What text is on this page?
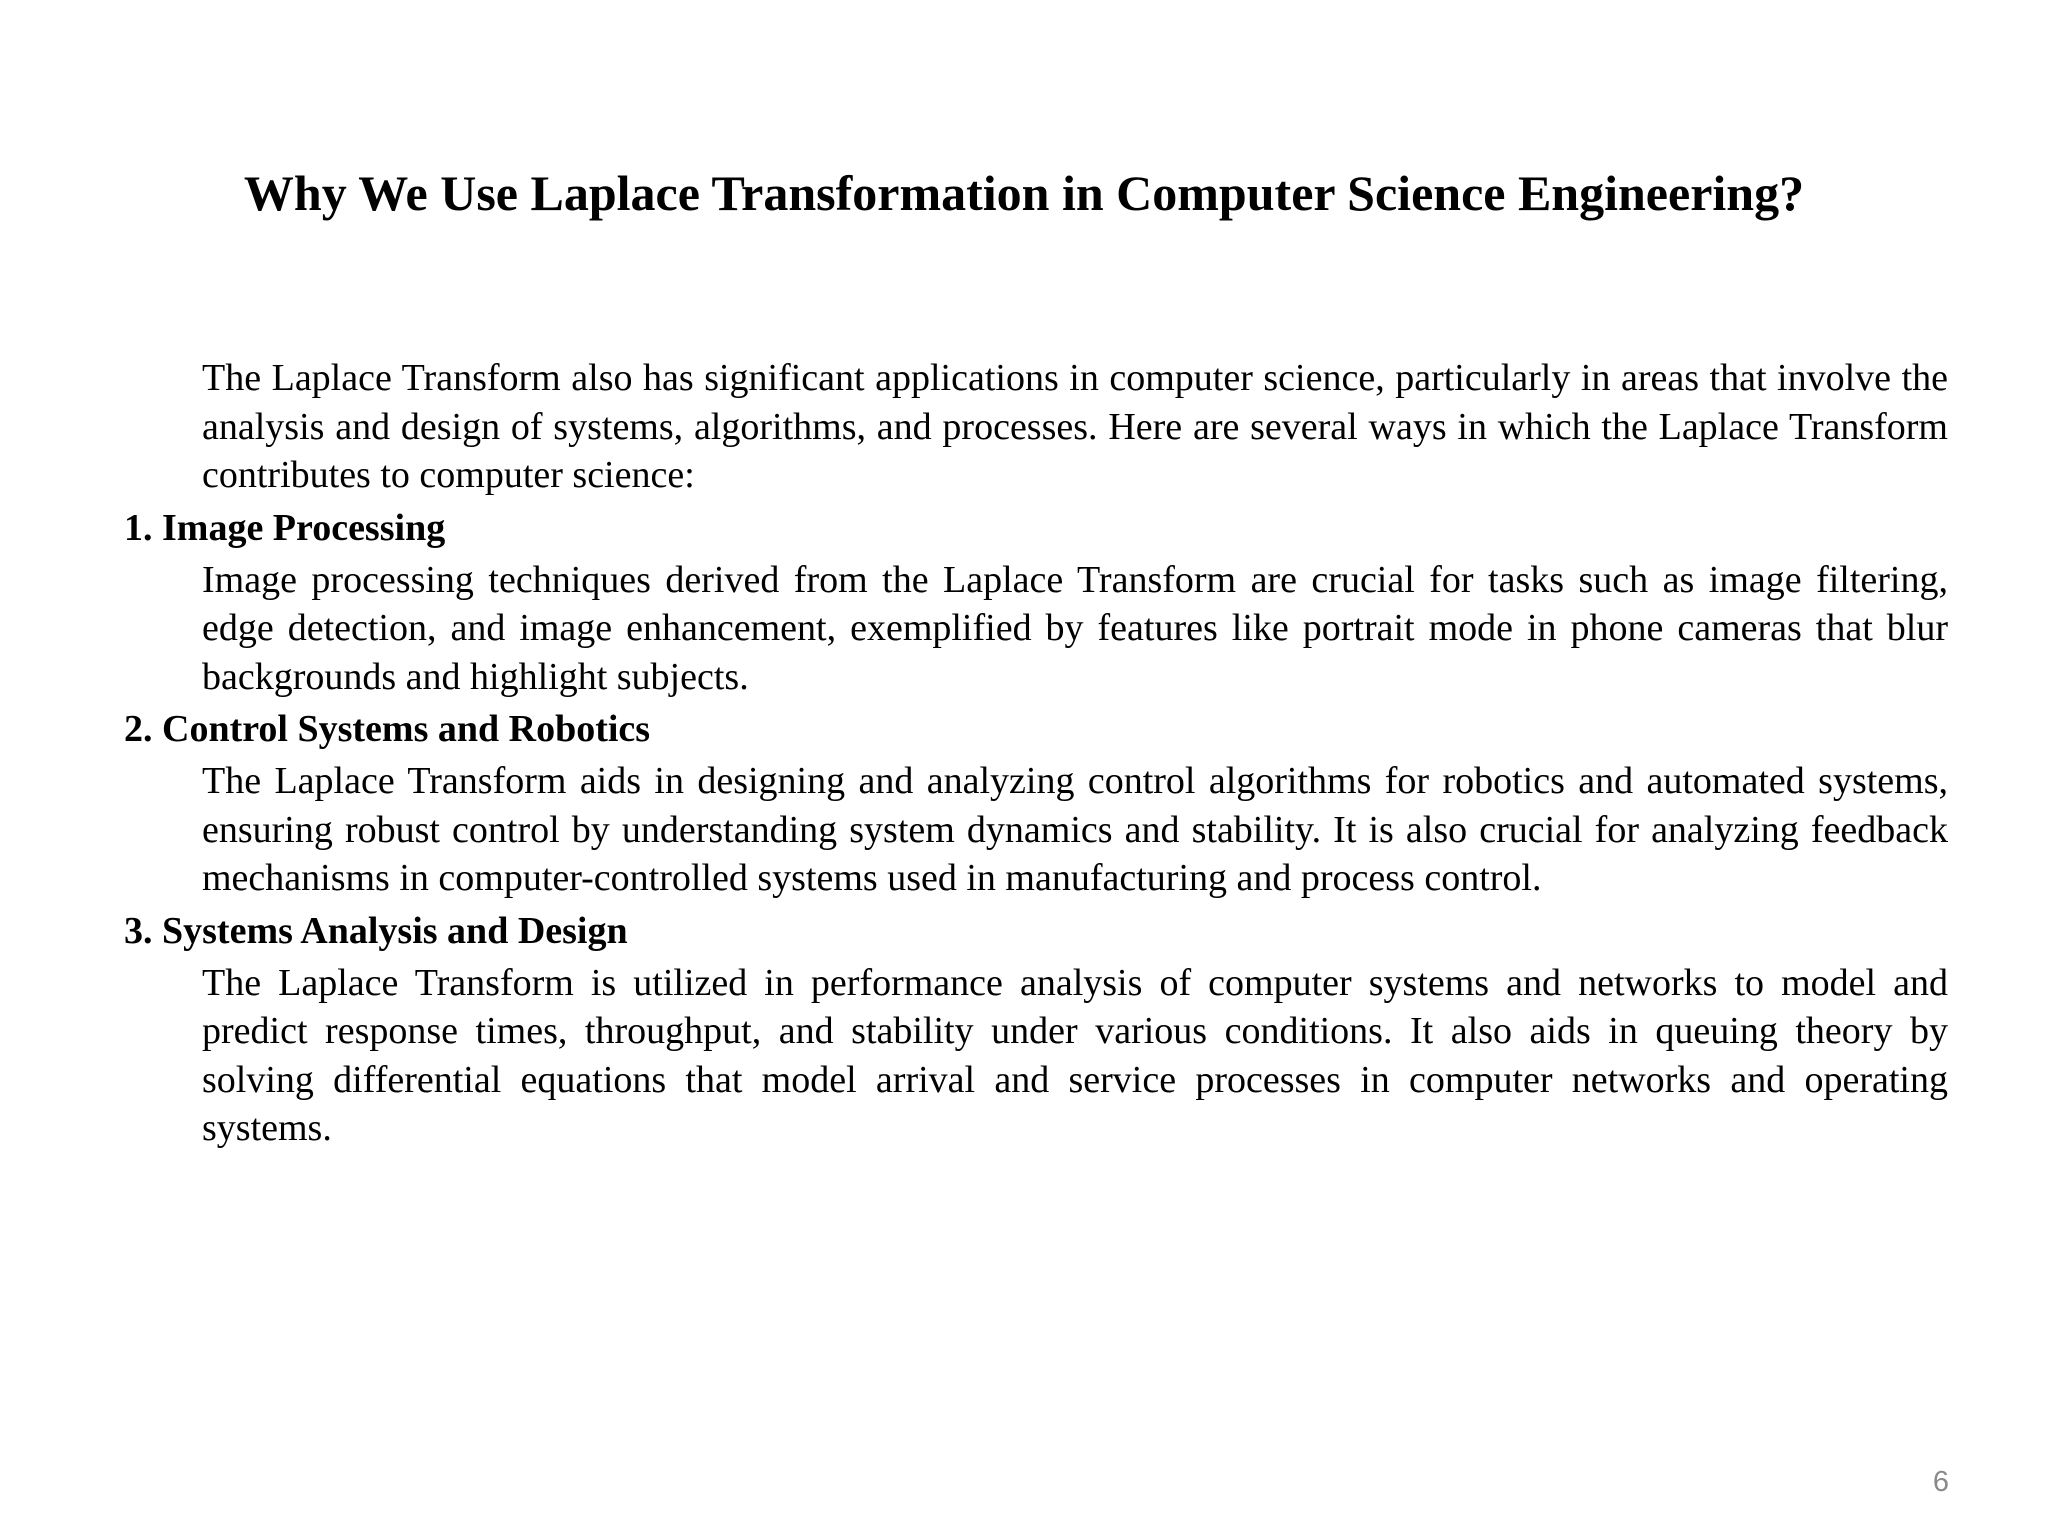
Why We Use Laplace Transformation in Computer Science Engineering?

The Laplace Transform also has significant applications in computer science, particularly in areas that involve the analysis and design of systems, algorithms, and processes. Here are several ways in which the Laplace Transform contributes to computer science:

1. Image Processing

Image processing techniques derived from the Laplace Transform are crucial for tasks such as image filtering, edge detection, and image enhancement, exemplified by features like portrait mode in phone cameras that blur backgrounds and highlight subjects.

2. Control Systems and Robotics

The Laplace Transform aids in designing and analyzing control algorithms for robotics and automated systems, ensuring robust control by understanding system dynamics and stability. It is also crucial for analyzing feedback mechanisms in computer-controlled systems used in manufacturing and process control.

3. Systems Analysis and Design

The Laplace Transform is utilized in performance analysis of computer systems and networks to model and predict response times, throughput, and stability under various conditions. It also aids in queuing theory by solving differential equations that model arrival and service processes in computer networks and operating systems.

6
